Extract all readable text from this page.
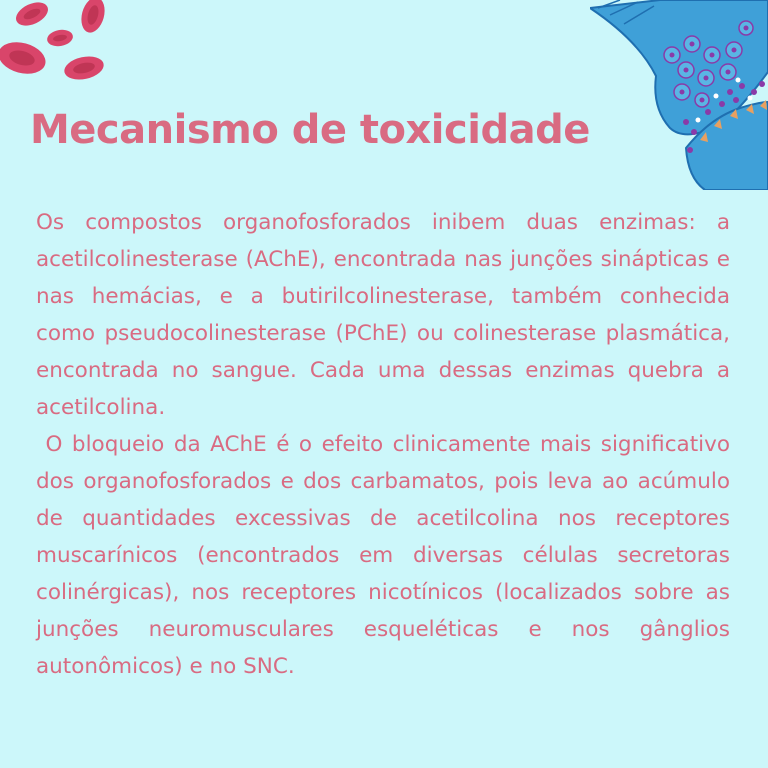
Mecanismo de toxicidade

Os compostos organofosforados inibem duas enzimas: a acetilcolinesterase (AChE), encontrada nas junções sinápticas e nas hemácias, e a butirilcolinesterase, também conhecida como pseudocolinesterase (PChE) ou colinesterase plasmática, encontrada no sangue. Cada uma dessas enzimas quebra a acetilcolina.

O bloqueio da AChE é o efeito clinicamente mais significativo dos organofosforados e dos carbamatos, pois leva ao acúmulo de quantidades excessivas de acetilcolina nos receptores muscarínicos (encontrados em diversas células secretoras colinérgicas), nos receptores nicotínicos (localizados sobre as junções neuromusculares esqueléticas e nos gânglios autonômicos) e no SNC.
